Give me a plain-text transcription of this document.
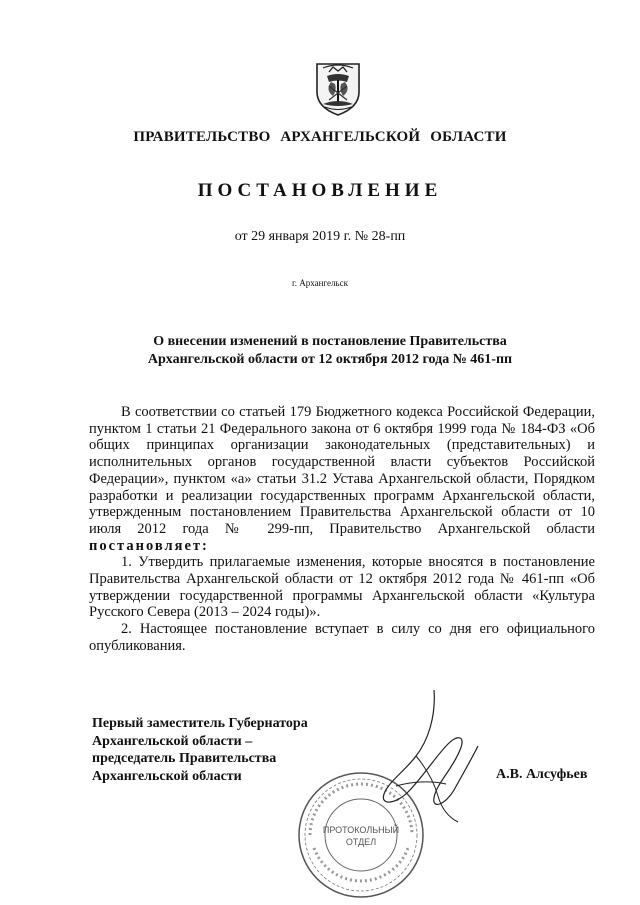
ПРАВИТЕЛЬСТВО АРХАНГЕЛЬСКОЙ ОБЛАСТИ
ПОСТАНОВЛЕНИЕ
от 29 января 2019 г. № 28-пп
г. Архангельск
О внесении изменений в постановление Правительства
Архангельской области от 12 октября 2012 года № 461-пп

В соответствии со статьей 179 Бюджетного кодекса Российской Федерации, пунктом 1 статьи 21 Федерального закона от 6 октября 1999 года № 184-ФЗ «Об общих принципах организации законодательных (представительных) и исполнительных органов государственной власти субъектов Российской Федерации», пунктом «а» статьи 31.2 Устава Архангельской области, Порядком разработки и реализации государственных программ Архангельской области, утвержденным постановлением Правительства Архангельской области от 10 июля 2012 года № 299-пп, Правительство Архангельской области постановляет:

1. Утвердить прилагаемые изменения, которые вносятся в постановление Правительства Архангельской области от 12 октября 2012 года № 461-пп «Об утверждении государственной программы Архангельской области «Культура Русского Севера (2013 – 2024 годы)».

2. Настоящее постановление вступает в силу со дня его официального опубликования.

Первый заместитель Губернатора
Архангельской области –
председатель Правительства
Архангельской области
ПРОТОКОЛЬНЫЙ
ОТДЕЛ
А.В. Алсуфьев
